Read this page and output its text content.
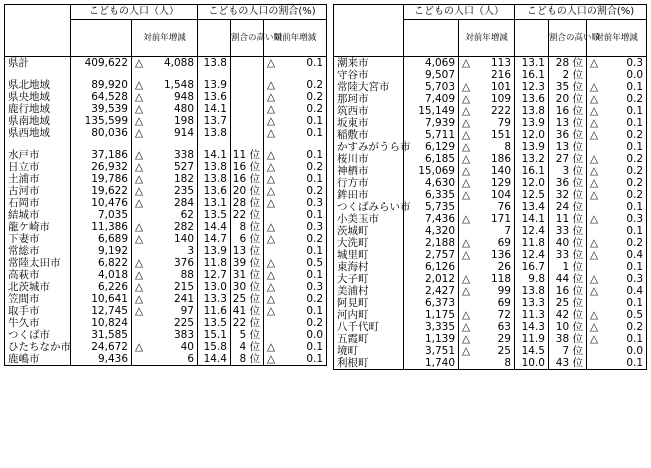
	こどもの人口（人）		こどもの人口の割合(%)		
		対前年増減		割合の高い順	対前年増減
県計	409,622	△ 4,088	13.8		△ 0.1

県北地域	89,920	△ 1,548	13.9		△ 0.2
県央地域	64,528	△ 948	13.6		△ 0.2
鹿行地域	39,539	△ 480	14.1		△ 0.2
県南地域	135,599	△ 198	13.7		△ 0.1
県西地域	80,036	△ 914	13.8		△ 0.1

水戸市	37,186	△ 338	14.1	11 位	△ 0.1
日立市	26,932	△ 527	13.8	16 位	△ 0.2
土浦市	19,786	△ 182	13.8	16 位	△ 0.1
古河市	19,622	△ 235	13.6	20 位	△ 0.2
石岡市	10,476	△ 284	13.1	28 位	△ 0.3
結城市	7,035	62	13.5	22 位	0.1
龍ケ崎市	11,386	△ 282	14.4	8 位	△ 0.3
下妻市	6,689	△ 140	14.7	6 位	△ 0.2
常総市	9,192	3	13.9	13 位	0.1
常陸太田市	6,822	△ 376	11.8	39 位	△ 0.5
高萩市	4,018	△ 88	12.7	31 位	△ 0.1
北茨城市	6,226	△ 215	13.0	30 位	△ 0.3
笠間市	10,641	△ 241	13.3	25 位	△ 0.2
取手市	12,745	△ 97	11.6	41 位	△ 0.1
牛久市	10,824	225	13.5	22 位	0.2
つくば市	31,585	383	15.1	5 位	0.0
ひたちなか市	24,672	△ 40	15.8	4 位	△ 0.1
鹿嶋市	9,436	6	14.4	8 位	△ 0.1
	こどもの人口（人）		こどもの人口の割合(%)		
		対前年増減		割合の高い順	対前年増減
潮来市	4,069	△ 113	13.1	28 位	△ 0.3
守谷市	9,507	216	16.1	2 位	0.0
常陸大宮市	5,703	△ 101	12.3	35 位	△ 0.1
那珂市	7,409	△ 109	13.6	20 位	△ 0.2
筑西市	15,149	△ 222	13.8	16 位	△ 0.1
坂東市	7,939	△ 79	13.9	13 位	△ 0.1
稲敷市	5,711	△ 151	12.0	36 位	△ 0.2
かすみがうら市	6,129	△ 8	13.9	13 位	0.1
桜川市	6,185	△ 186	13.2	27 位	△ 0.2
神栖市	15,069	△ 140	16.1	3 位	△ 0.2
行方市	4,630	△ 129	12.0	36 位	△ 0.2
鉾田市	6,335	△ 104	12.5	32 位	△ 0.2
つくばみらい市	5,735	76	13.4	24 位	0.1
小美玉市	7,436	△ 171	14.1	11 位	△ 0.3
茨城町	4,320	7	12.4	33 位	0.1
大洗町	2,188	△ 69	11.8	40 位	△ 0.2
城里町	2,757	△ 136	12.4	33 位	△ 0.4
東海村	6,126	26	16.7	1 位	0.1
大子町	2,012	△ 118	9.8	44 位	△ 0.3
美浦村	2,427	△ 99	13.8	16 位	△ 0.4
阿見町	6,373	69	13.3	25 位	0.1
河内町	1,175	△ 72	11.3	42 位	△ 0.5
八千代町	3,335	△ 63	14.3	10 位	△ 0.2
五霞町	1,139	△ 29	11.9	38 位	△ 0.1
境町	3,751	△ 25	14.5	7 位	0.0
利根町	1,740	8	10.0	43 位	0.1
